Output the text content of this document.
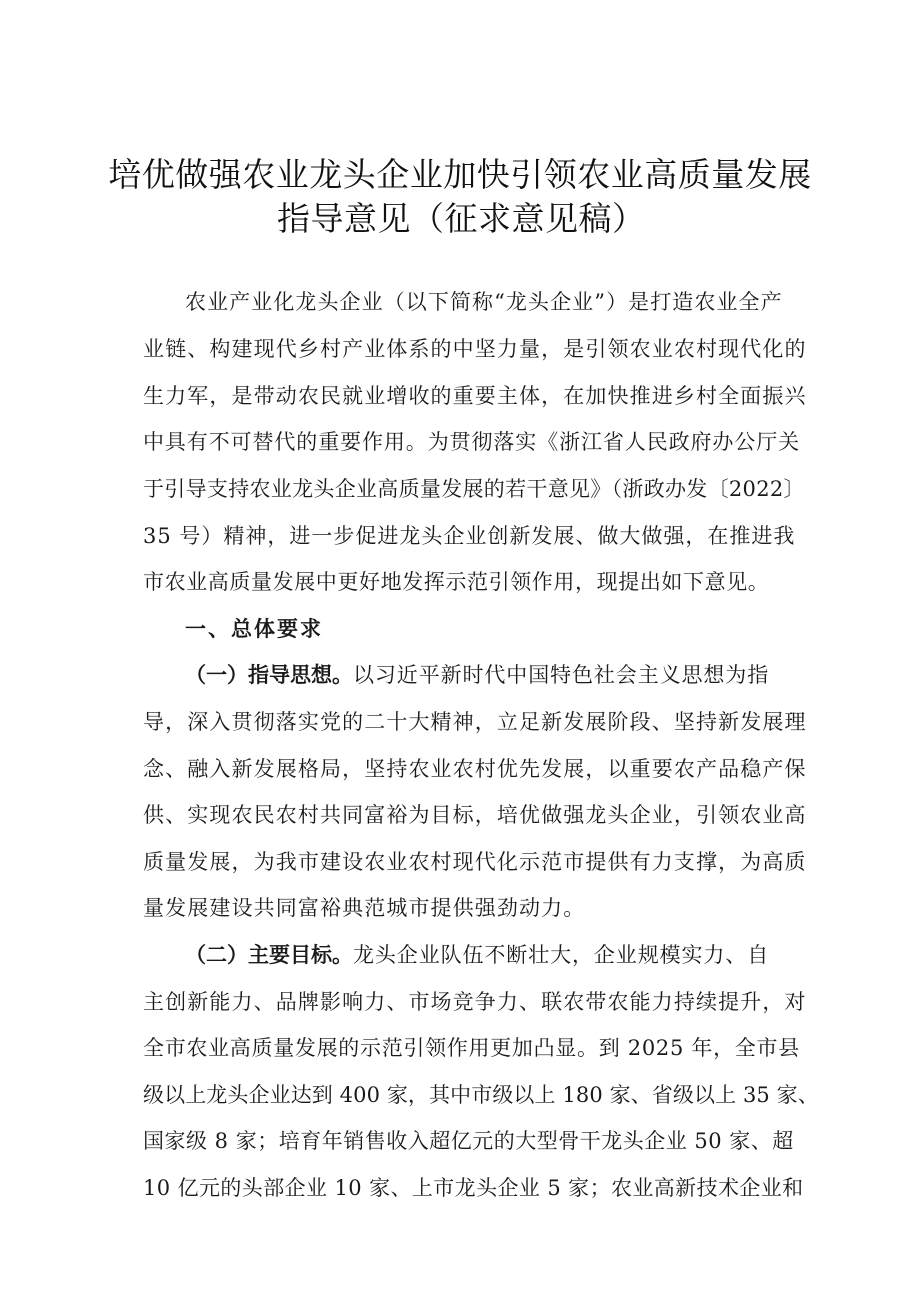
培优做强农业龙头企业加快引领农业高质量发展
指导意见（征求意见稿）
农业产业化龙头企业（以下简称“龙头企业”）是打造农业全产
业链、构建现代乡村产业体系的中坚力量，是引领农业农村现代化的
生力军，是带动农民就业增收的重要主体，在加快推进乡村全面振兴
中具有不可替代的重要作用。为贯彻落实《浙江省人民政府办公厅关
于引导支持农业龙头企业高质量发展的若干意见》（浙政办发〔2022〕
35 号）精神，进一步促进龙头企业创新发展、做大做强，在推进我
市农业高质量发展中更好地发挥示范引领作用，现提出如下意见。
一、总体要求
（一）指导思想。以习近平新时代中国特色社会主义思想为指
导，深入贯彻落实党的二十大精神，立足新发展阶段、坚持新发展理
念、融入新发展格局，坚持农业农村优先发展，以重要农产品稳产保
供、实现农民农村共同富裕为目标，培优做强龙头企业，引领农业高
质量发展，为我市建设农业农村现代化示范市提供有力支撑，为高质
量发展建设共同富裕典范城市提供强劲动力。
（二）主要目标。龙头企业队伍不断壮大，企业规模实力、自
主创新能力、品牌影响力、市场竞争力、联农带农能力持续提升，对
全市农业高质量发展的示范引领作用更加凸显。到 2025 年，全市县
级以上龙头企业达到 400 家，其中市级以上 180 家、省级以上 35 家、
国家级 8 家；培育年销售收入超亿元的大型骨干龙头企业 50 家、超
10 亿元的头部企业 10 家、上市龙头企业 5 家；农业高新技术企业和
